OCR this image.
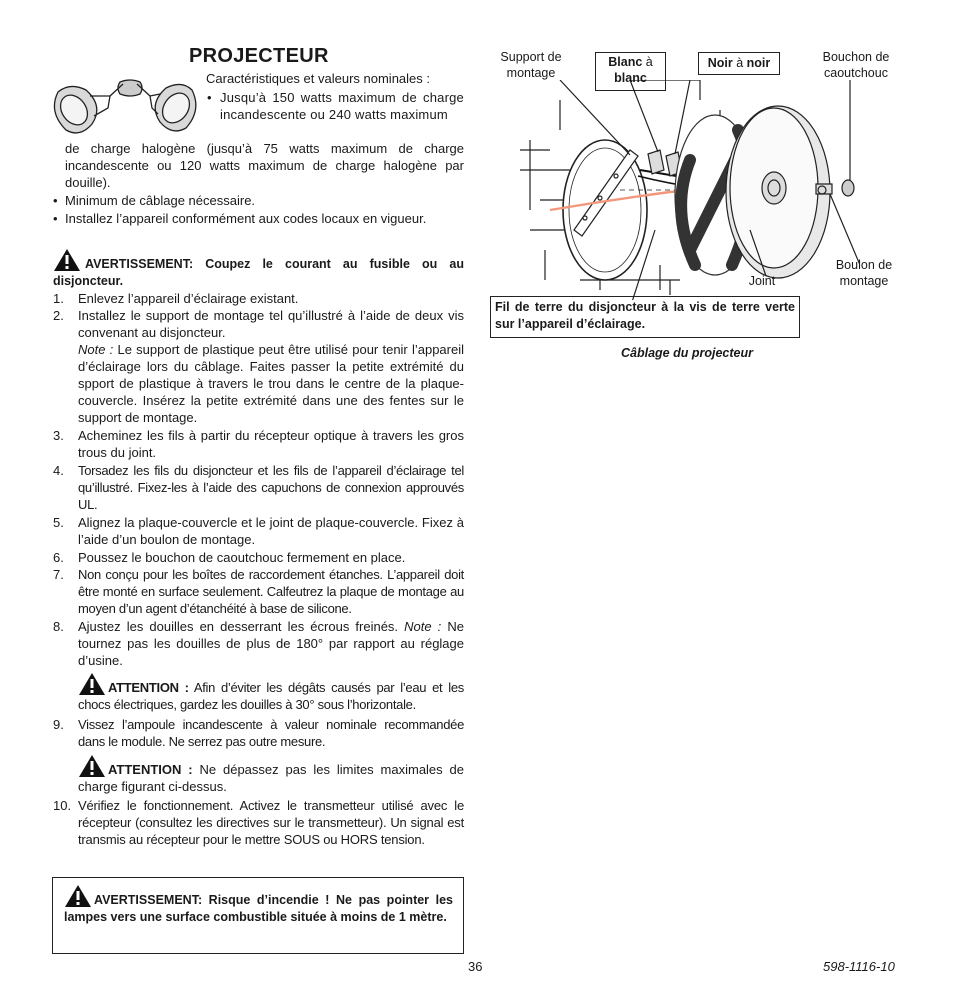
PROJECTEUR
Caractéristiques et valeurs nominales :
• Jusqu’à 150 watts maximum de charge incandescente ou 240 watts maximum
de charge halogène (jusqu’à 75 watts maximum de charge incandescente ou 120 watts maximum de charge halogène par douille).
• Minimum de câblage nécessaire.
• Installez l’appareil conformément aux codes locaux en vigueur.
AVERTISSEMENT: Coupez le courant au fusible ou au disjoncteur.
1.	Enlevez l’appareil d’éclairage existant.
2.	Installez le support de montage tel qu’illustré à l’aide de deux vis convenant au disjoncteur.
Note : Le support de plastique peut être utilisé pour tenir l’appareil d’éclairage lors du câblage. Faites passer la petite extrémité du spport de plastique à travers le trou dans le centre de la plaque-couvercle. Insérez la petite extrémité dans une des fentes sur le support de montage.
3.	Acheminez les fils à partir du récepteur optique à travers les gros trous du joint.
4.	Torsadez les fils du disjoncteur et les fils de l’appareil d’éclairage tel qu’illustré. Fixez-les à l’aide des capuchons de connexion approuvés UL.
5.	Alignez la plaque-couvercle et le joint de plaque-couvercle. Fixez à l’aide d’un boulon de montage.
6.	Poussez le bouchon de caoutchouc fermement en place.
7.	Non conçu pour les boîtes de raccordement étanches. L’appareil doit être monté en surface seulement. Calfeutrez la plaque de montage au moyen d’un agent d’étanchéité à base de silicone.
8.	Ajustez les douilles en desserrant les écrous freinés. Note : Ne tournez pas les douilles de plus de 180° par rapport au réglage d’usine.
ATTENTION : Afin d’éviter les dégâts causés par l’eau et les chocs électriques, gardez les douilles à 30° sous l’horizontale.
9.	Vissez l’ampoule incandescente à valeur nominale recommandée dans le module. Ne serrez pas outre mesure.
ATTENTION : Ne dépassez pas les limites maximales de charge figurant ci-dessus.
10. Vérifiez le fonctionnement. Activez le transmetteur utilisé avec le récepteur (consultez les directives sur le transmetteur). Un signal est transmis au récepteur pour le mettre SOUS ou HORS tension.
AVERTISSEMENT: Risque d’incendie ! Ne pas pointer les lampes vers une surface combustible située à moins de 1 mètre.
Support de montage
Blanc à
blanc
Noir à noir	Bouchon de caoutchouc
Joint
Boulon de montage
Fil de terre du disjoncteur à la vis de terre verte sur l’appareil d’éclairage.
Câblage du projecteur
36	598-1116-10
